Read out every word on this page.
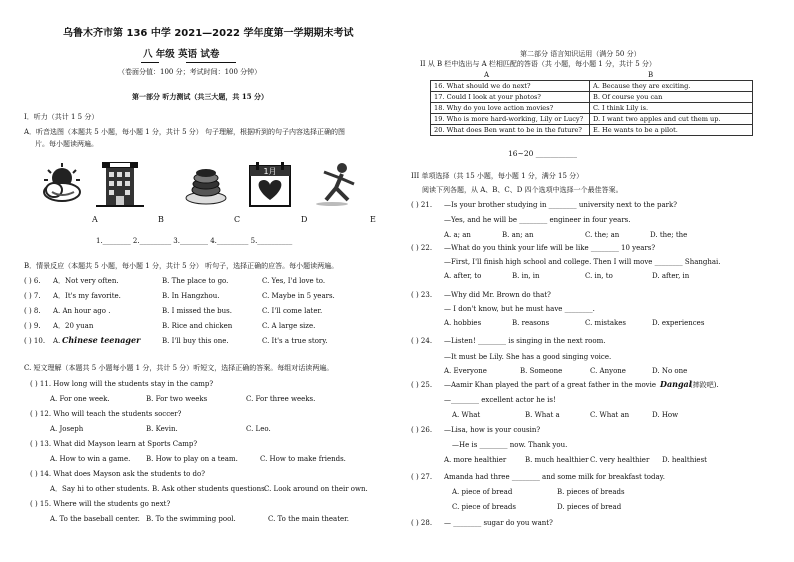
乌鲁木齐市第 136 中学 2021—2022 学年度第一学期期末考试
八 年级 英语 试卷
（卷面分值：100 分；考试时间：100 分钟）
第一部分 听力测试（共三大题，共 15 分）
I．听力（共计 1 5 分）
A．听音选图（本题共 5 小题，每小题 1 分，共计 5 分） 句子理解，根据听到的句子内容选择正确的图
片。每小题读两遍。
1月
A	B	C	D	E
1.________ 2._________ 3.________ 4._________ 5.__________
B．情景反应（本题共 5 小题，每小题 1 分，共计 5 分） 听句子，选择正确的应答。每小题读两遍。
( ) 6. A．Not very often.	B. The place to go.	C. Yes, I'd love to.
( ) 7. A．It's my favorite.	B. In Hangzhou.	C. Maybe in 5 years.
( ) 8. A. An hour ago .	B. I missed the bus.	C. I'll come later.
( ) 9. A．20 yuan	B. Rice and chicken	C. A large size.
( ) 10. A. Chinese teenager	B. I'll buy this one.	C. It's a true story.
C. 短文理解（本题共 5 小题每小题 1 分，共计 5 分）听短文，选择正确的答案。每组对话读两遍。
( ) 11. How long will the students stay in the camp?
A. For one week.	B. For two weeks	C. For three weeks.
( ) 12. Who will teach the students soccer?
A. Joseph	B. Kevin.	C. Leo.
( ) 13. What did Mayson learn at Sports Camp?
A. How to win a game. B. How to play on a team.	C. How to make friends.
( ) 14. What does Mayson ask the students to do?
A．Say hi to other students. B. Ask other students questions.
C. Look around on their own.
( ) 15. Where will the students go next?
A. To the baseball center. B. To the swimming pool.	C. To the main theater.
第二部分 语言知识运用（满分 50 分）
II 从 B 栏中选出与 A 栏相匹配的答语（共 小题，每小题 1 分，共计 5 分）
A	B
16. What should we do next?	A. Because they are exciting.
17. Could I look at your photos?	B. Of course you can
18. Why do you love action movies?	C. I think Lily is.
19. Who is more hard-working, Lily or Lucy?	D. I want two apples and cut them up.
20. What does Ben want to be in the future?	E. He wants to be a pilot.
16~20 ___________
III 单项选择（共 15 小题，每小题 1 分，满分 15 分）
阅读下列各题，从 A、B、C、D 四个选项中选择一个最佳答案。
( ) 21. —Is your brother studying in ________ university next to the park?
—Yes, and he will be ________ engineer in four years.
A. a; an	B. an; an	C. the; an	D. the; the
( ) 22. —What do you think your life will be like ________ 10 years?
—First, I'll finish high school and college. Then I will move ________ Shanghai.
A. after, to	B. in, in	C. in, to	D. after, in
( ) 23. —Why did Mr. Brown do that?
— I don't know, but he must have ________.
A. hobbies	B. reasons	C. mistakes	D. experiences
( ) 24. —Listen! ________ is singing in the next room.
—It must be Lily. She has a good singing voice.
A. Everyone	B. Someone	C. Anyone	D. No one
( ) 25. —Aamir Khan played the part of a great father in the movie Dangal
(摔跤吧).
—________ excellent actor he is!
A. What	B. What a	C. What an	D. How
( ) 26. —Lisa, how is your cousin?
—He is ________ now. Thank you.
A. more healthier	B. much healthier C. very healthier D. healthiest
( ) 27. Amanda had three ________ and some milk for breakfast today.
A. piece of bread	B. pieces of breads
C. piece of breads	D. pieces of bread
( ) 28. — ________ sugar do you want?
